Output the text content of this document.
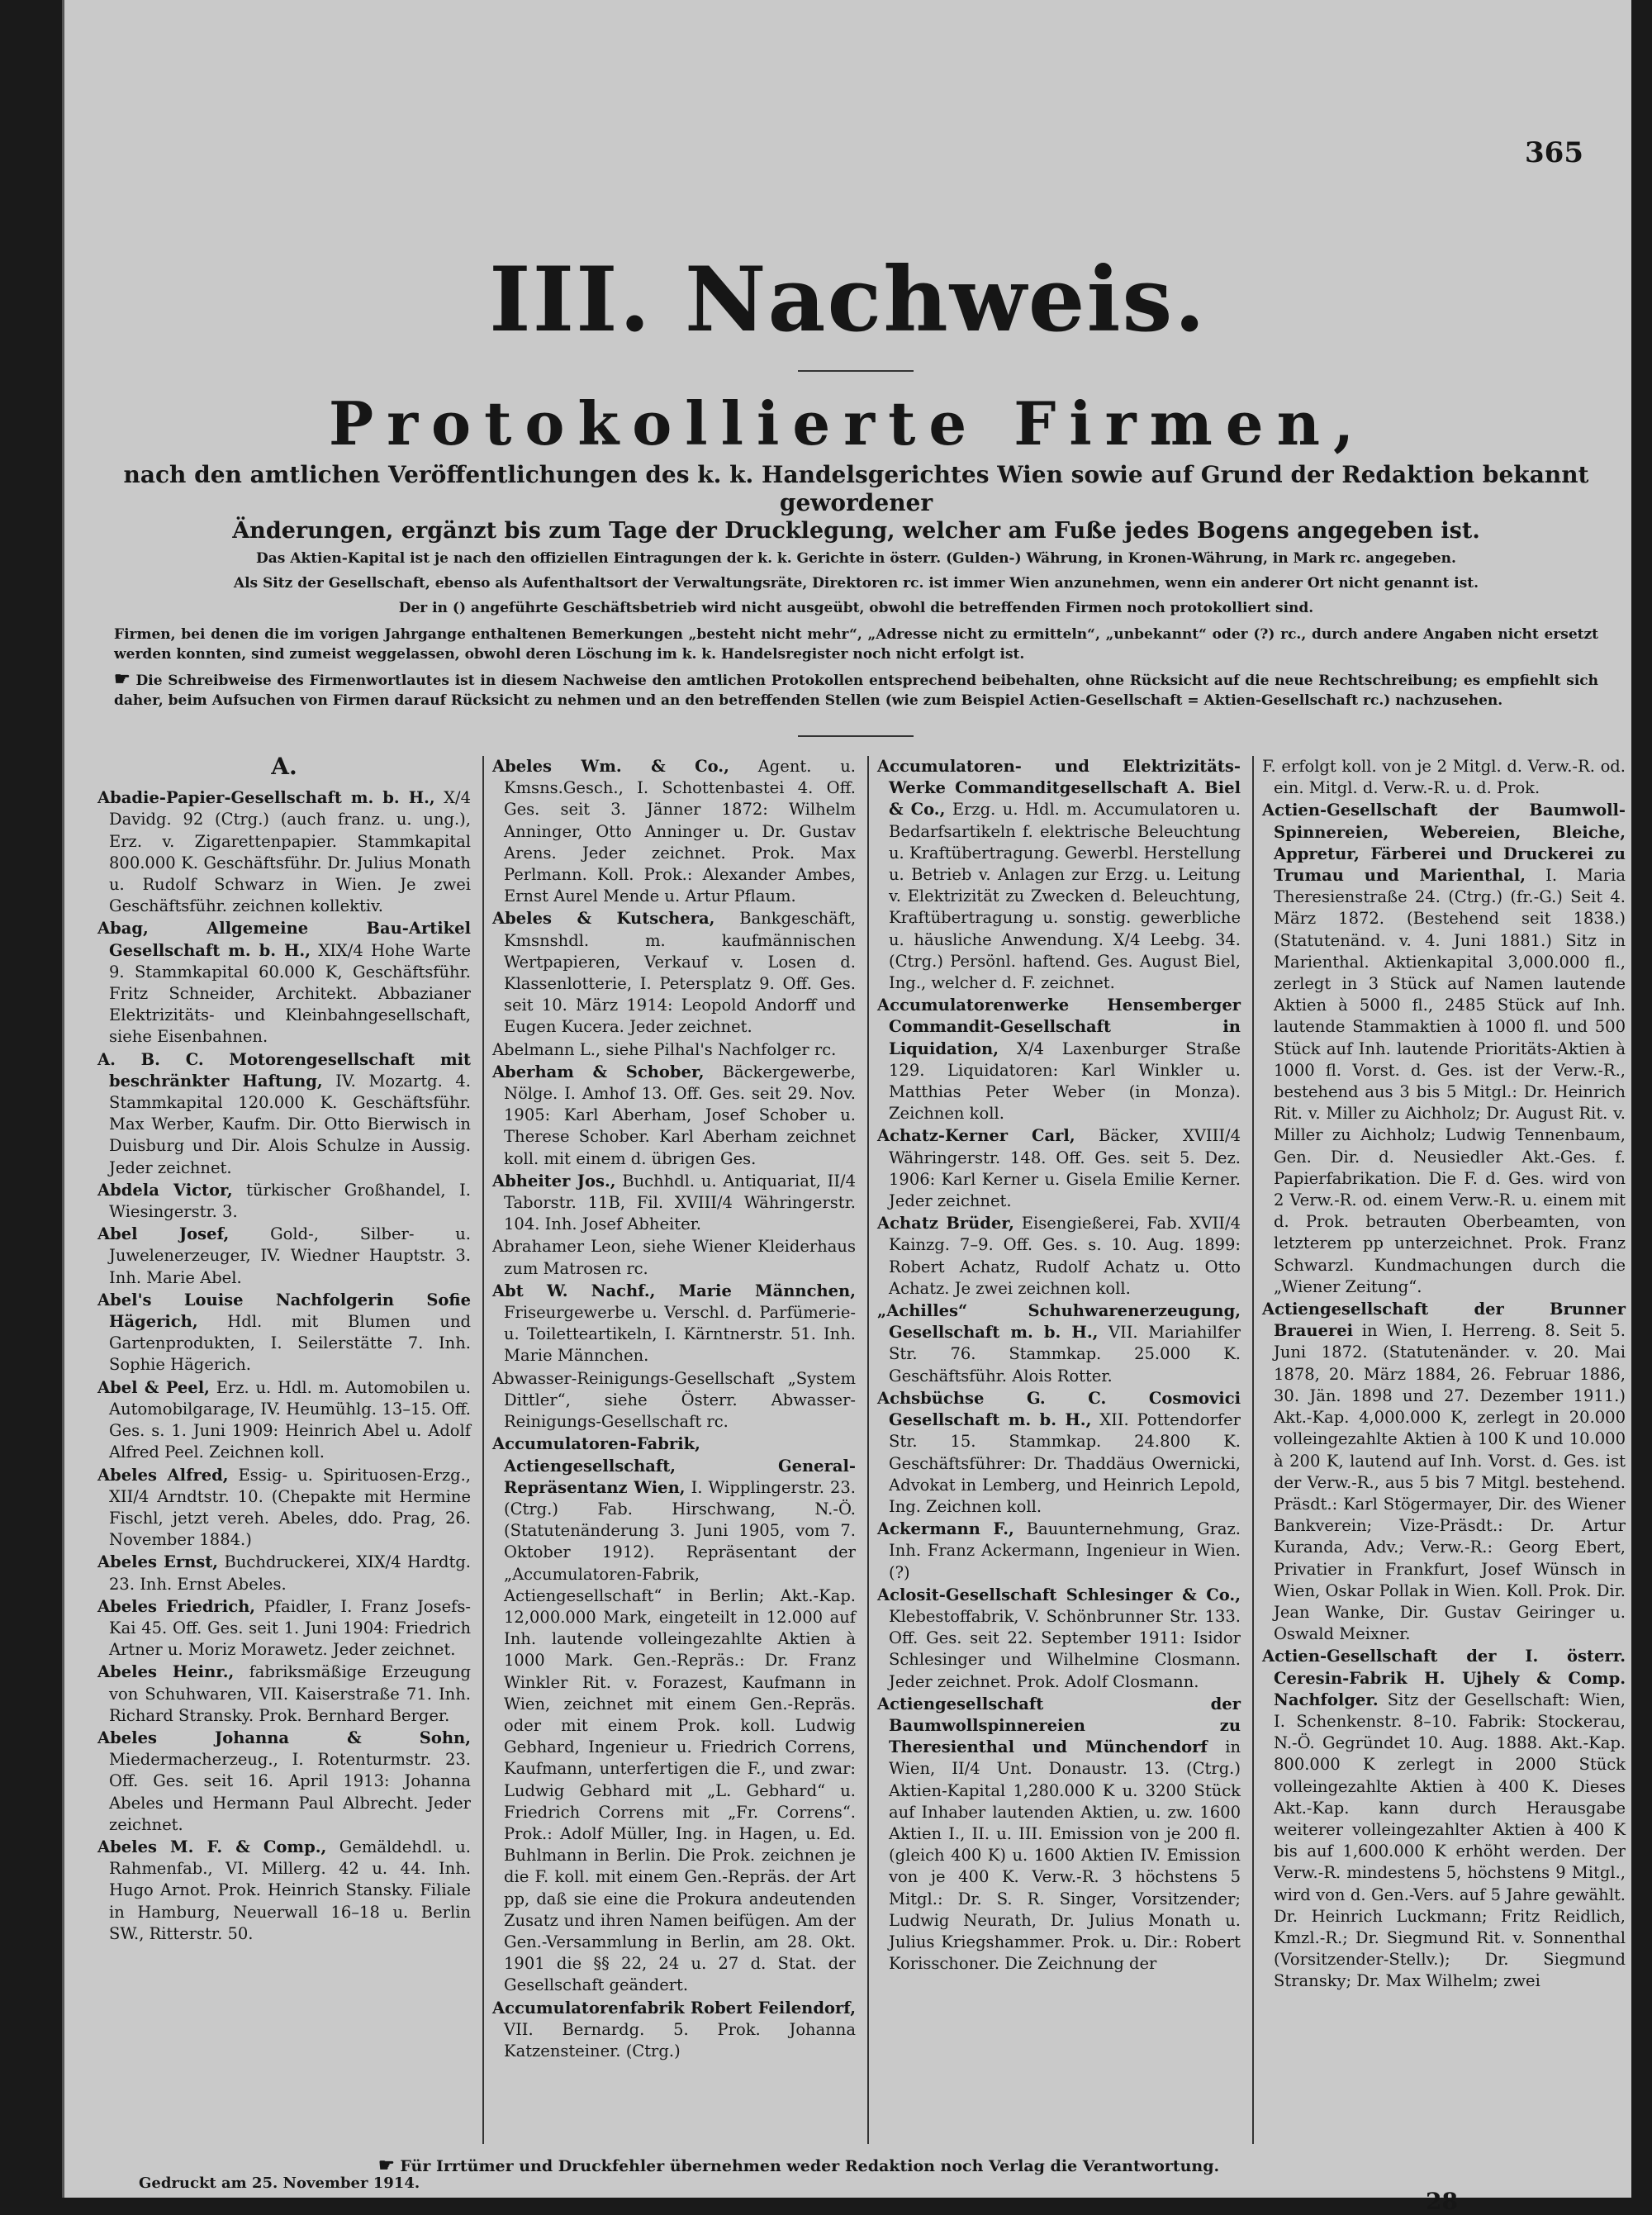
365
III. Nachweis.
Protokollierte Firmen,

nach den amtlichen Veröffentlichungen des k. k. Handelsgerichtes Wien sowie auf Grund der Redaktion bekannt gewordener

Änderungen, ergänzt bis zum Tage der Drucklegung, welcher am Fuße jedes Bogens angegeben ist.

Das Aktien-Kapital ist je nach den offiziellen Eintragungen der k. k. Gerichte in österr. (Gulden-) Währung, in Kronen-Währung, in Mark rc. angegeben.

Als Sitz der Gesellschaft, ebenso als Aufenthaltsort der Verwaltungsräte, Direktoren rc. ist immer Wien anzunehmen, wenn ein anderer Ort nicht genannt ist.

Der in () angeführte Geschäftsbetrieb wird nicht ausgeübt, obwohl die betreffenden Firmen noch protokolliert sind.

Firmen, bei denen die im vorigen Jahrgange enthaltenen Bemerkungen „besteht nicht mehr“, „Adresse nicht zu ermitteln“, „unbekannt“ oder (?) rc., durch andere Angaben nicht ersetzt werden konnten, sind zumeist weggelassen, obwohl deren Löschung im k. k. Handelsregister noch nicht erfolgt ist.

☛ Die Schreibweise des Firmenwortlautes ist in diesem Nachweise den amtlichen Protokollen entsprechend beibehalten, ohne Rücksicht auf die neue Rechtschreibung; es empfiehlt sich daher, beim Aufsuchen von Firmen darauf Rücksicht zu nehmen und an den betreffenden Stellen (wie zum Beispiel Actien-Gesellschaft = Aktien-Gesellschaft rc.) nachzusehen.

A.
Abadie-Papier-Gesellschaft m. b. H., X/4 Davidg. 92 (Ctrg.) (auch franz. u. ung.), Erz. v. Zigarettenpapier. Stammkapital 800.000 K. Geschäftsführ. Dr. Julius Monath u. Rudolf Schwarz in Wien. Je zwei Geschäftsführ. zeichnen kollektiv.
Abag, Allgemeine Bau-Artikel Gesellschaft m. b. H., XIX/4 Hohe Warte 9. Stammkapital 60.000 K, Geschäftsführ. Fritz Schneider, Architekt. Abbazianer Elektrizitäts- und Kleinbahngesellschaft, siehe Eisenbahnen.
A. B. C. Motorengesellschaft mit beschränkter Haftung, IV. Mozartg. 4. Stammkapital 120.000 K. Geschäftsführ. Max Werber, Kaufm. Dir. Otto Bierwisch in Duisburg und Dir. Alois Schulze in Aussig. Jeder zeichnet.
Abdela Victor, türkischer Großhandel, I. Wiesingerstr. 3.
Abel Josef,	Gold-, Silber- u. Juwelenerzeuger, IV. Wiedner Hauptstr. 3. Inh. Marie Abel.
Abel's Louise Nachfolgerin Sofie Hägerich, Hdl. mit Blumen und Gartenprodukten, I. Seilerstätte 7. Inh. Sophie Hägerich.
Abel & Peel, Erz. u. Hdl. m. Automobilen u. Automobilgarage, IV. Heumühlg. 13–15. Off. Ges. s. 1. Juni 1909: Heinrich Abel u. Adolf Alfred Peel. Zeichnen koll.
Abeles Alfred, Essig- u. Spirituosen-Erzg., XII/4 Arndtstr. 10. (Chepakte mit Hermine Fischl, jetzt vereh. Abeles, ddo. Prag, 26. November 1884.)
Abeles Ernst, Buchdruckerei, XIX/4 Hardtg. 23. Inh. Ernst Abeles.
Abeles Friedrich, Pfaidler, I. Franz Josefs-Kai 45. Off. Ges. seit 1. Juni 1904: Friedrich Artner u. Moriz Morawetz. Jeder zeichnet.
Abeles Heinr., fabriksmäßige Erzeugung von Schuhwaren, VII. Kaiserstraße 71. Inh. Richard Stransky. Prok. Bernhard Berger.
Abeles Johanna & Sohn, Miedermacherzeug., I. Rotenturmstr. 23. Off. Ges. seit 16. April 1913: Johanna Abeles und Hermann Paul Albrecht. Jeder zeichnet.
Abeles M. F. & Comp., Gemäldehdl. u. Rahmenfab., VI. Millerg. 42 u. 44. Inh. Hugo Arnot. Prok. Heinrich Stansky. Filiale in Hamburg, Neuerwall 16–18 u. Berlin SW., Ritterstr. 50.
Abeles Wm. & Co., Agent. u. Kmsns.Gesch., I. Schottenbastei 4. Off. Ges. seit 3. Jänner 1872: Wilhelm Anninger, Otto Anninger u. Dr. Gustav Arens. Jeder zeichnet. Prok. Max Perlmann. Koll. Prok.: Alexander Ambes, Ernst Aurel Mende u. Artur Pflaum.
Abeles & Kutschera, Bankgeschäft, Kmsnshdl. m. kaufmännischen Wertpapieren, Verkauf v. Losen d. Klassenlotterie, I. Petersplatz 9. Off. Ges. seit 10. März 1914: Leopold Andorff und Eugen Kucera. Jeder zeichnet.
Abelmann L., siehe Pilhal's Nachfolger rc.
Aberham & Schober, Bäckergewerbe, Nölge. I. Amhof 13. Off. Ges. seit 29. Nov. 1905: Karl Aberham, Josef Schober u. Therese Schober. Karl Aberham zeichnet koll. mit einem d. übrigen Ges.
Abheiter Jos., Buchhdl. u. Antiquariat, II/4 Taborstr. 11B, Fil. XVIII/4 Währingerstr. 104. Inh. Josef Abheiter.
Abrahamer Leon, siehe Wiener Kleiderhaus zum Matrosen rc.
Abt W. Nachf., Marie Männchen, Friseurgewerbe u. Verschl. d. Parfümerie- u. Toiletteartikeln, I. Kärntnerstr. 51. Inh. Marie Männchen.
Abwasser-Reinigungs-Gesellschaft „System Dittler“, siehe Österr. Abwasser-Reinigungs-Gesellschaft rc.
Accumulatoren-Fabrik, Actiengesellschaft, General-Repräsentanz Wien, I. Wipplingerstr. 23. (Ctrg.) Fab. Hirschwang, N.-Ö. (Statutenänderung 3. Juni 1905, vom 7. Oktober 1912). Repräsentant der „Accumulatoren-Fabrik, Actiengesellschaft“ in Berlin; Akt.-Kap. 12,000.000 Mark, eingeteilt in 12.000 auf Inh. lautende volleingezahlte Aktien à 1000 Mark. Gen.-Repräs.: Dr. Franz Winkler Rit. v. Forazest, Kaufmann in Wien, zeichnet mit einem Gen.-Repräs. oder mit einem Prok. koll. Ludwig Gebhard, Ingenieur u. Friedrich Correns, Kaufmann, unterfertigen die F., und zwar: Ludwig Gebhard mit „L. Gebhard“ u. Friedrich Correns mit „Fr. Correns“. Prok.: Adolf Müller, Ing. in Hagen, u. Ed. Buhlmann in Berlin. Die Prok. zeichnen je die F. koll. mit einem Gen.-Repräs. der Art pp, daß sie eine die Prokura andeutenden Zusatz und ihren Namen beifügen. Am der Gen.-Versammlung in Berlin, am 28. Okt. 1901 die §§ 22, 24 u. 27 d. Stat. der Gesellschaft geändert.
Accumulatorenfabrik Robert Feilendorf, VII. Bernardg. 5. Prok. Johanna Katzensteiner. (Ctrg.)
Accumulatoren- und Elektrizitäts-Werke Commanditgesellschaft A. Biel & Co., Erzg. u. Hdl. m. Accumulatoren u. Bedarfsartikeln f. elektrische Beleuchtung u. Kraftübertragung. Gewerbl. Herstellung u. Betrieb v. Anlagen zur Erzg. u. Leitung v. Elektrizität zu Zwecken d. Beleuchtung, Kraftübertragung u. sonstig. gewerbliche u. häusliche Anwendung. X/4 Leebg. 34. (Ctrg.) Persönl. haftend. Ges. August Biel, Ing., welcher d. F. zeichnet.
Accumulatorenwerke Hensemberger Commandit-Gesellschaft in Liquidation, X/4 Laxenburger Straße 129. Liquidatoren: Karl Winkler u. Matthias Peter Weber (in Monza). Zeichnen koll.
Achatz-Kerner Carl, Bäcker, XVIII/4 Währingerstr. 148. Off. Ges. seit 5. Dez. 1906: Karl Kerner u. Gisela Emilie Kerner. Jeder zeichnet.
Achatz Brüder, Eisengießerei, Fab. XVII/4 Kainzg. 7–9. Off. Ges. s. 10. Aug. 1899: Robert Achatz, Rudolf Achatz u. Otto Achatz. Je zwei zeichnen koll.
„Achilles“ Schuhwarenerzeugung, Gesellschaft m. b. H., VII. Mariahilfer Str. 76. Stammkap. 25.000 K. Geschäftsführ. Alois Rotter.
Achsbüchse G. C. Cosmovici Gesellschaft m. b. H., XII. Pottendorfer Str. 15. Stammkap. 24.800 K. Geschäftsführer: Dr. Thaddäus Owernicki, Advokat in Lemberg, und Heinrich Lepold, Ing. Zeichnen koll.
Ackermann F., Bauunternehmung, Graz. Inh. Franz Ackermann, Ingenieur in Wien. (?)
Aclosit-Gesellschaft Schlesinger & Co., Klebestoffabrik, V. Schönbrunner Str. 133. Off. Ges. seit 22. September 1911: Isidor Schlesinger und Wilhelmine Closmann. Jeder zeichnet. Prok. Adolf Closmann.
Actiengesellschaft der Baumwollspinnereien zu Theresienthal und Münchendorf in Wien, II/4 Unt. Donaustr. 13. (Ctrg.) Aktien-Kapital 1,280.000 K u. 3200 Stück auf Inhaber lautenden Aktien, u. zw. 1600 Aktien I., II. u. III. Emission von je 200 fl. (gleich 400 K) u. 1600 Aktien IV. Emission von je 400 K. Verw.-R. 3 höchstens 5 Mitgl.: Dr. S. R. Singer, Vorsitzender; Ludwig Neurath, Dr. Julius Monath u. Julius Kriegshammer. Prok. u. Dir.: Robert Korisschoner. Die Zeichnung der
F. erfolgt koll. von je 2 Mitgl. d. Verw.-R. od. ein. Mitgl. d. Verw.-R. u. d. Prok.
Actien-Gesellschaft der Baumwoll-Spinnereien, Webereien, Bleiche, Appretur, Färberei und Druckerei zu Trumau und Marienthal, I. Maria Theresienstraße 24. (Ctrg.) (fr.-G.) Seit 4. März 1872. (Bestehend seit 1838.) (Statutenänd. v. 4. Juni 1881.) Sitz in Marienthal. Aktienkapital 3,000.000 fl., zerlegt in 3 Stück auf Namen lautende Aktien à 5000 fl., 2485 Stück auf Inh. lautende Stammaktien à 1000 fl. und 500 Stück auf Inh. lautende Prioritäts-Aktien à 1000 fl. Vorst. d. Ges. ist der Verw.-R., bestehend aus 3 bis 5 Mitgl.: Dr. Heinrich Rit. v. Miller zu Aichholz; Dr. August Rit. v. Miller zu Aichholz; Ludwig Tennenbaum, Gen. Dir. d. Neusiedler Akt.-Ges. f. Papierfabrikation. Die F. d. Ges. wird von 2 Verw.-R. od. einem Verw.-R. u. einem mit d. Prok. betrauten Oberbeamten, von letzterem pp unterzeichnet. Prok. Franz Schwarzl. Kundmachungen durch die „Wiener Zeitung“.
Actiengesellschaft der Brunner Brauerei in Wien, I. Herreng. 8. Seit 5. Juni 1872. (Statutenänder. v. 20. Mai 1878, 20. März 1884, 26. Februar 1886, 30. Jän. 1898 und 27. Dezember 1911.) Akt.-Kap. 4,000.000 K, zerlegt in 20.000 volleingezahlte Aktien à 100 K und 10.000 à 200 K, lautend auf Inh. Vorst. d. Ges. ist der Verw.-R., aus 5 bis 7 Mitgl. bestehend. Präsdt.: Karl Stögermayer, Dir. des Wiener Bankverein; Vize-Präsdt.: Dr. Artur Kuranda, Adv.; Verw.-R.: Georg Ebert, Privatier in Frankfurt, Josef Wünsch in Wien, Oskar Pollak in Wien. Koll. Prok. Dir. Jean Wanke, Dir. Gustav Geiringer u. Oswald Meixner.
Actien-Gesellschaft der I. österr. Ceresin-Fabrik H. Ujhely & Comp. Nachfolger. Sitz der Gesellschaft: Wien, I. Schenkenstr. 8–10. Fabrik: Stockerau, N.-Ö. Gegründet 10. Aug. 1888. Akt.-Kap. 800.000 K zerlegt in 2000 Stück volleingezahlte Aktien à 400 K. Dieses Akt.-Kap. kann durch Herausgabe weiterer volleingezahlter Aktien à 400 K bis auf 1,600.000 K erhöht werden. Der Verw.-R. mindestens 5, höchstens 9 Mitgl., wird von d. Gen.-Vers. auf 5 Jahre gewählt. Dr. Heinrich Luckmann; Fritz Reidlich, Kmzl.-R.; Dr. Siegmund Rit. v. Sonnenthal (Vorsitzender-Stellv.); Dr. Siegmund Stransky; Dr. Max Wilhelm; zwei
☛ Für Irrtümer und Druckfehler übernehmen weder Redaktion noch Verlag die Verantwortung.
Gedruckt am 25. November 1914.
28
